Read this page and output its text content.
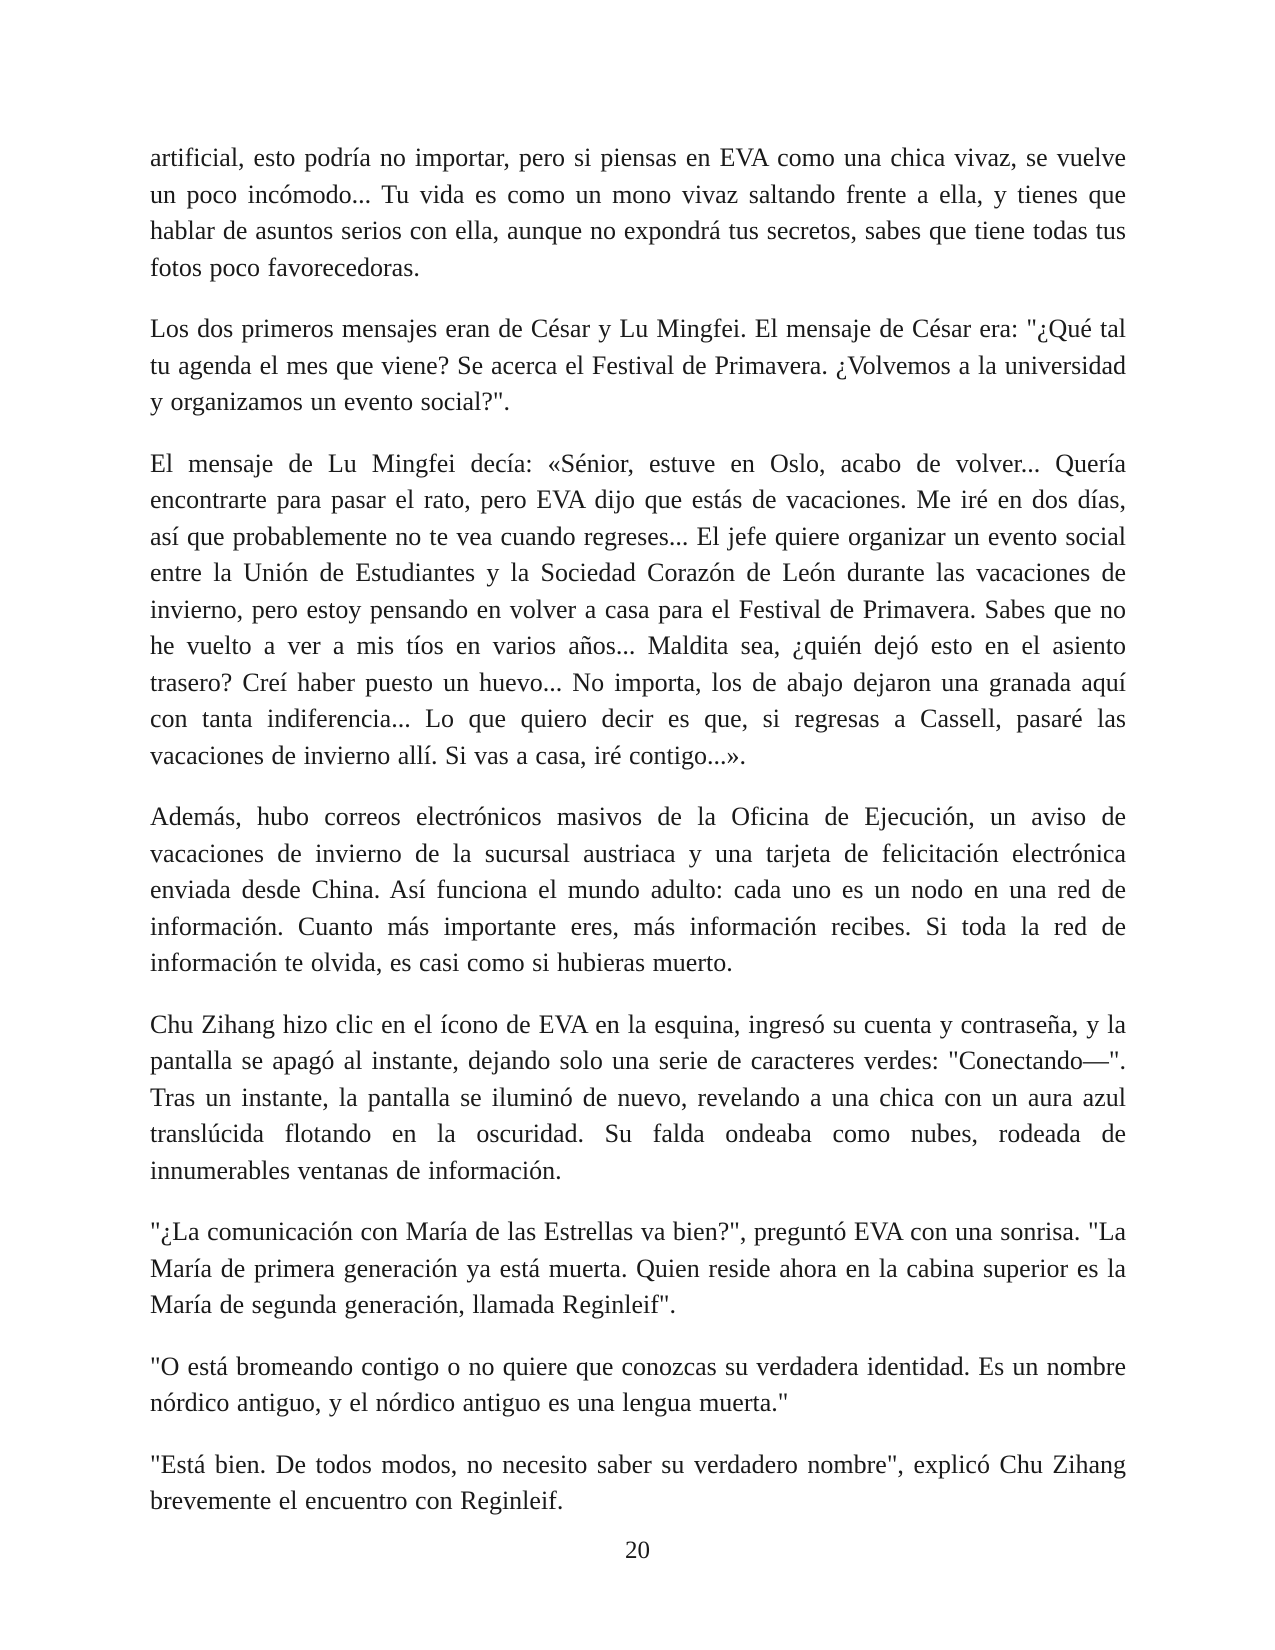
artificial, esto podría no importar, pero si piensas en EVA como una chica vivaz, se vuelve un poco incómodo... Tu vida es como un mono vivaz saltando frente a ella, y tienes que hablar de asuntos serios con ella, aunque no expondrá tus secretos, sabes que tiene todas tus fotos poco favorecedoras.

Los dos primeros mensajes eran de César y Lu Mingfei. El mensaje de César era: "¿Qué tal tu agenda el mes que viene? Se acerca el Festival de Primavera. ¿Volvemos a la universidad y organizamos un evento social?".

El mensaje de Lu Mingfei decía: «Sénior, estuve en Oslo, acabo de volver... Quería encontrarte para pasar el rato, pero EVA dijo que estás de vacaciones. Me iré en dos días, así que probablemente no te vea cuando regreses... El jefe quiere organizar un evento social entre la Unión de Estudiantes y la Sociedad Corazón de León durante las vacaciones de invierno, pero estoy pensando en volver a casa para el Festival de Primavera. Sabes que no he vuelto a ver a mis tíos en varios años... Maldita sea, ¿quién dejó esto en el asiento trasero? Creí haber puesto un huevo... No importa, los de abajo dejaron una granada aquí con tanta indiferencia... Lo que quiero decir es que, si regresas a Cassell, pasaré las vacaciones de invierno allí. Si vas a casa, iré contigo...».

Además, hubo correos electrónicos masivos de la Oficina de Ejecución, un aviso de vacaciones de invierno de la sucursal austriaca y una tarjeta de felicitación electrónica enviada desde China. Así funciona el mundo adulto: cada uno es un nodo en una red de información. Cuanto más importante eres, más información recibes. Si toda la red de información te olvida, es casi como si hubieras muerto.

Chu Zihang hizo clic en el ícono de EVA en la esquina, ingresó su cuenta y contraseña, y la pantalla se apagó al instante, dejando solo una serie de caracteres verdes: "Conectando—". Tras un instante, la pantalla se iluminó de nuevo, revelando a una chica con un aura azul translúcida flotando en la oscuridad. Su falda ondeaba como nubes, rodeada de innumerables ventanas de información.

"¿La comunicación con María de las Estrellas va bien?", preguntó EVA con una sonrisa. "La María de primera generación ya está muerta. Quien reside ahora en la cabina superior es la María de segunda generación, llamada Reginleif".

"O está bromeando contigo o no quiere que conozcas su verdadera identidad. Es un nombre nórdico antiguo, y el nórdico antiguo es una lengua muerta."

"Está bien. De todos modos, no necesito saber su verdadero nombre", explicó Chu Zihang brevemente el encuentro con Reginleif.

20
